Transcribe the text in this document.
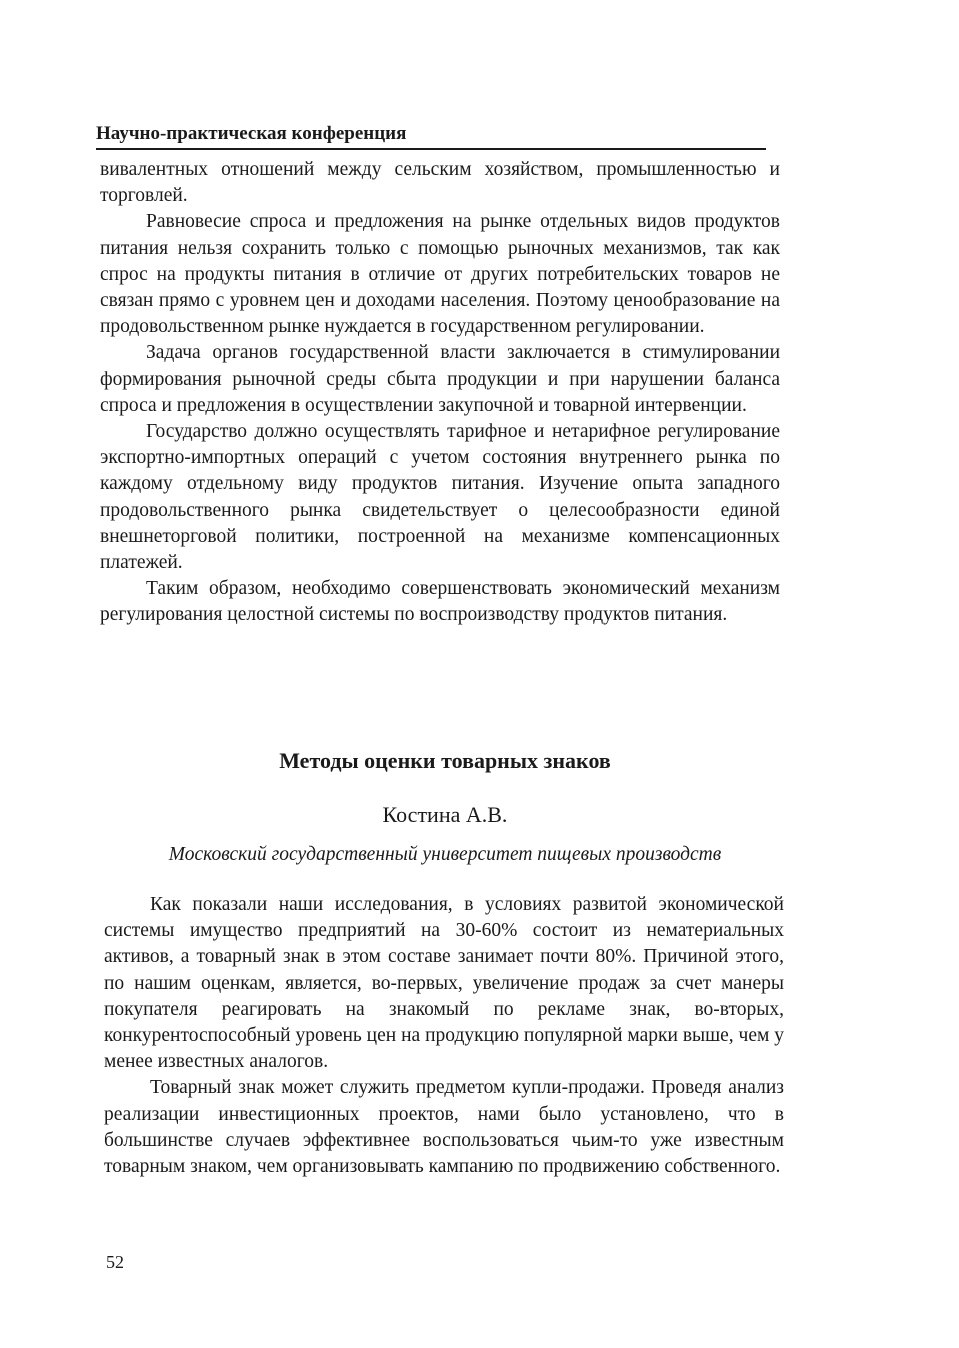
Научно-практическая конференция

вивалентных отношений между сельским хозяйством, промышленностью и торговлей.

Равновесие спроса и предложения на рынке отдельных видов продуктов питания нельзя сохранить только с помощью рыночных механизмов, так как спрос на продукты питания в отличие от других потребительских товаров не связан прямо с уровнем цен и доходами населения. Поэтому ценообразование на продовольственном рынке нуждается в государственном регулировании.

Задача органов государственной власти заключается в стимулировании формирования рыночной среды сбыта продукции и при нарушении баланса спроса и предложения в осуществлении закупочной и товарной интервенции.

Государство должно осуществлять тарифное и нетарифное регулирование экспортно-импортных операций с учетом состояния внутреннего рынка по каждому отдельному виду продуктов питания. Изучение опыта западного продовольственного рынка свидетельствует о целесообразности единой внешнеторговой политики, построенной на механизме компенсационных платежей.

Таким образом, необходимо совершенствовать экономический механизм регулирования целостной системы по воспроизводству продуктов питания.

Методы оценки товарных знаков
Костина А.В.
Московский государственный университет пищевых производств

Как показали наши исследования, в условиях развитой экономической системы имущество предприятий на 30-60% состоит из нематериальных активов, а товарный знак в этом составе занимает почти 80%. Причиной этого, по нашим оценкам, является, во-первых, увеличение продаж за счет манеры покупателя реагировать на знакомый по рекламе знак, во-вторых, конкурентоспособный уровень цен на продукцию популярной марки выше, чем у менее известных аналогов.

Товарный знак может служить предметом купли-продажи. Проведя анализ реализации инвестиционных проектов, нами было установлено, что в большинстве случаев эффективнее воспользоваться чьим-то уже известным товарным знаком, чем организовывать кампанию по продвижению собственного.

52
